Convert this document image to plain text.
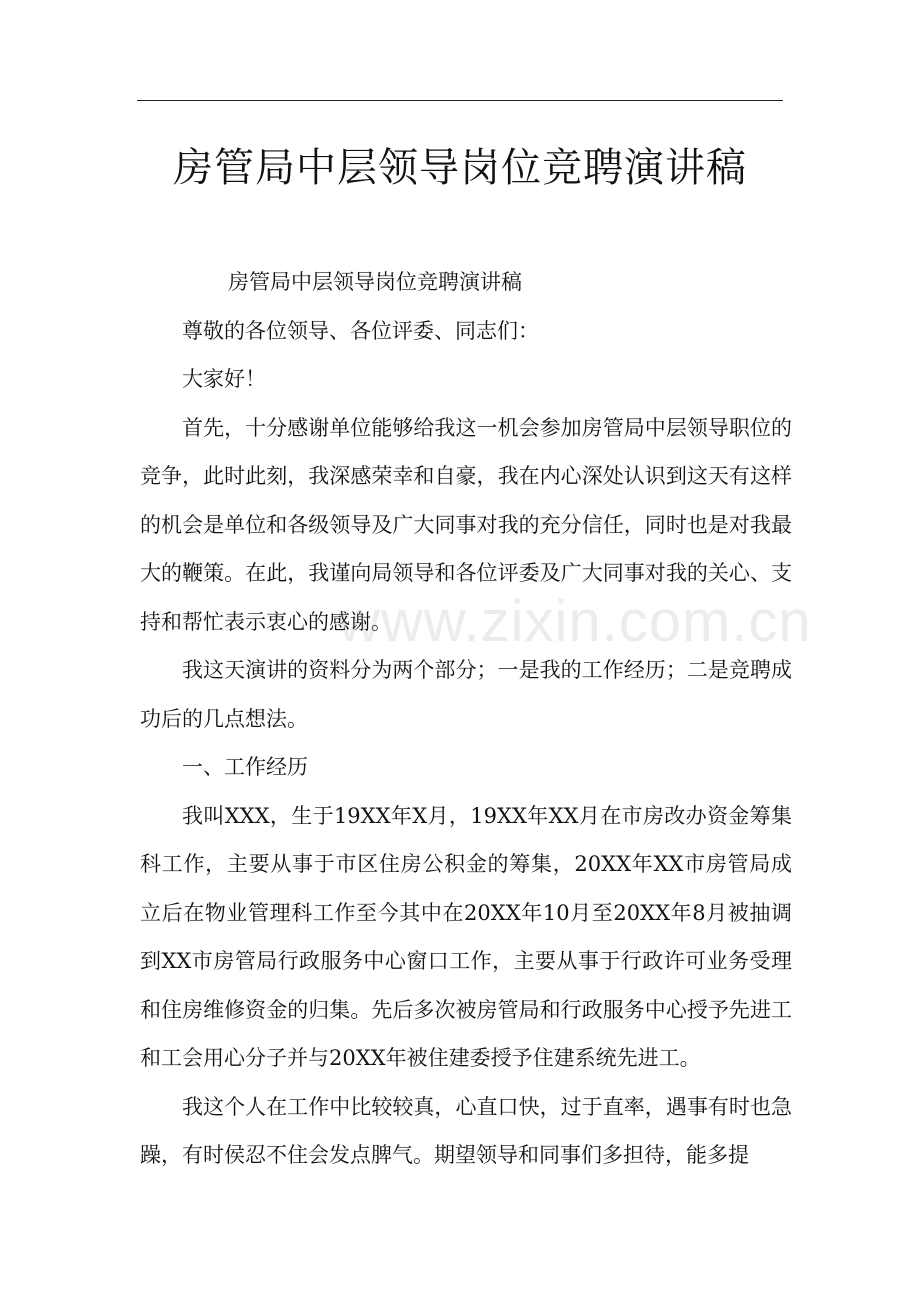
房管局中层领导岗位竞聘演讲稿

房管局中层领导岗位竞聘演讲稿

尊敬的各位领导、各位评委、同志们：

大家好！

首先，十分感谢单位能够给我这一机会参加房管局中层领导职位的竞争，此时此刻，我深感荣幸和自豪，我在内心深处认识到这天有这样的机会是单位和各级领导及广大同事对我的充分信任，同时也是对我最大的鞭策。在此，我谨向局领导和各位评委及广大同事对我的关心、支持和帮忙表示衷心的感谢。

我这天演讲的资料分为两个部分；一是我的工作经历；二是竞聘成功后的几点想法。

一、工作经历

我叫XXX，生于19XX年X月，19XX年XX月在市房改办资金筹集科工作，主要从事于市区住房公积金的筹集，20XX年XX市房管局成立后在物业管理科工作至今其中在20XX年10月至20XX年8月被抽调到XX市房管局行政服务中心窗口工作，主要从事于行政许可业务受理和住房维修资金的归集。先后多次被房管局和行政服务中心授予先进工和工会用心分子并与20XX年被住建委授予住建系统先进工。

我这个人在工作中比较较真，心直口快，过于直率，遇事有时也急躁，有时侯忍不住会发点脾气。期望领导和同事们多担待，能多提

www.zixin.com.cn
